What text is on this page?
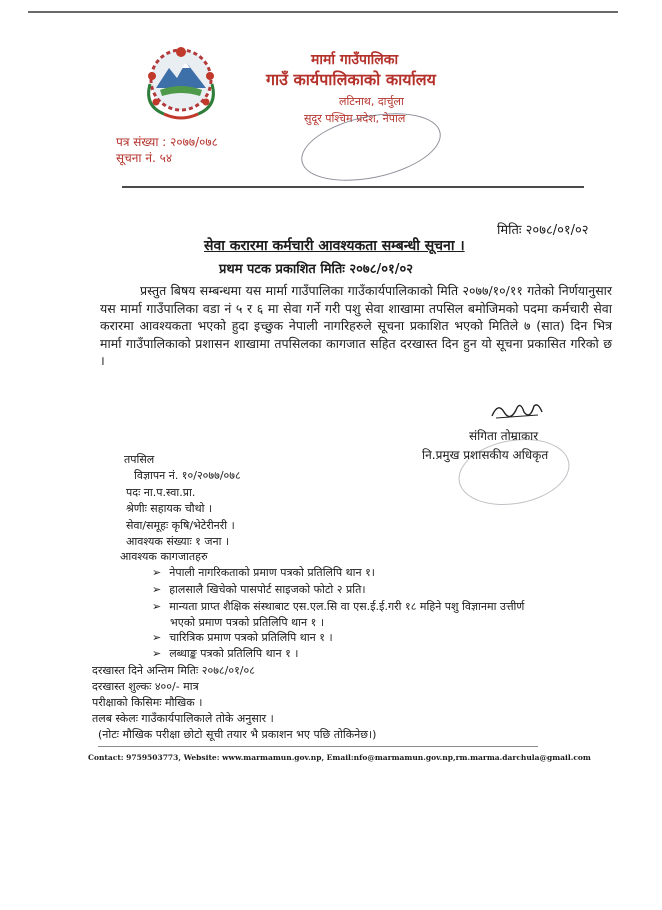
मार्मा गाउँपालिका
गाउँ कार्यपालिकाको कार्यालय
लटिनाथ, दार्चुला
सुदूर पश्चिम प्रदेश, नेपाल
पत्र संख्या : २०७७/०७८
सूचना नं. ५४
मितिः २०७८/०१/०२
सेवा करारमा कर्मचारी आवश्यकता सम्बन्धी सूचना ।
प्रथम पटक प्रकाशित मितिः २०७८/०१/०२
प्रस्तुत बिषय सम्बन्धमा यस मार्मा गाउँपालिका गाउँकार्यपालिकाको मिति २०७७/१०/११ गतेको निर्णयानुसार यस मार्मा गाउँपालिका वडा नं ५ र ६ मा सेवा गर्ने गरी पशु सेवा शाखामा तपसिल बमोजिमको पदमा कर्मचारी सेवा करारमा आवश्यकता भएको हुदा इच्छुक नेपाली नागरिहरुले सूचना प्रकाशित भएको मितिले ७ (सात) दिन भित्र मार्मा गाउँपालिकाको प्रशासन शाखामा तपसिलका कागजात सहित दरखास्त दिन हुन यो सूचना प्रकासित गरिको छ ।
संगिता तोम्राकार
नि.प्रमुख प्रशासकीय अधिकृत
तपसिल
विज्ञापन नं. १०/२०७७/०७८
पदः ना.प.स्वा.प्रा.
श्रेणीः सहायक चौथो ।
सेवा/समूहः कृषि/भेटेरीनरी ।
आवश्यक संख्याः १ जना ।
आवश्यक कागजातहरु
➢ नेपाली नागरिकताको प्रमाण पत्रको प्रतिलिपि थान १।
➢ हालसालै खिचेको पासपोर्ट साइजको फोटो २ प्रति।
➢ मान्यता प्राप्त शैक्षिक संस्थाबाट एस.एल.सि वा एस.ई.ई.गरी १८ महिने पशु विज्ञानमा उत्तीर्ण
भएको प्रमाण पत्रको प्रतिलिपि थान १ ।
➢ चारित्रिक प्रमाण पत्रको प्रतिलिपि थान १ ।
➢ लब्धाङ्क पत्रको प्रतिलिपि थान १ ।
दरखास्त दिने अन्तिम मितिः २०७८/०१/०८
दरखास्त शुल्कः ४००/- मात्र
परीक्षाको किसिमः मौखिक ।
तलब स्केलः गाउँकार्यपालिकाले तोके अनुसार ।
(नोटः मौखिक परीक्षा छोटो सूची तयार भै प्रकाशन भए पछि तोकिनेछ।)
Contact: 9759503773, Website: www.marmamun.gov.np, Email:nfo@marmamun.gov.np,rm.marma.darchula@gmail.com
